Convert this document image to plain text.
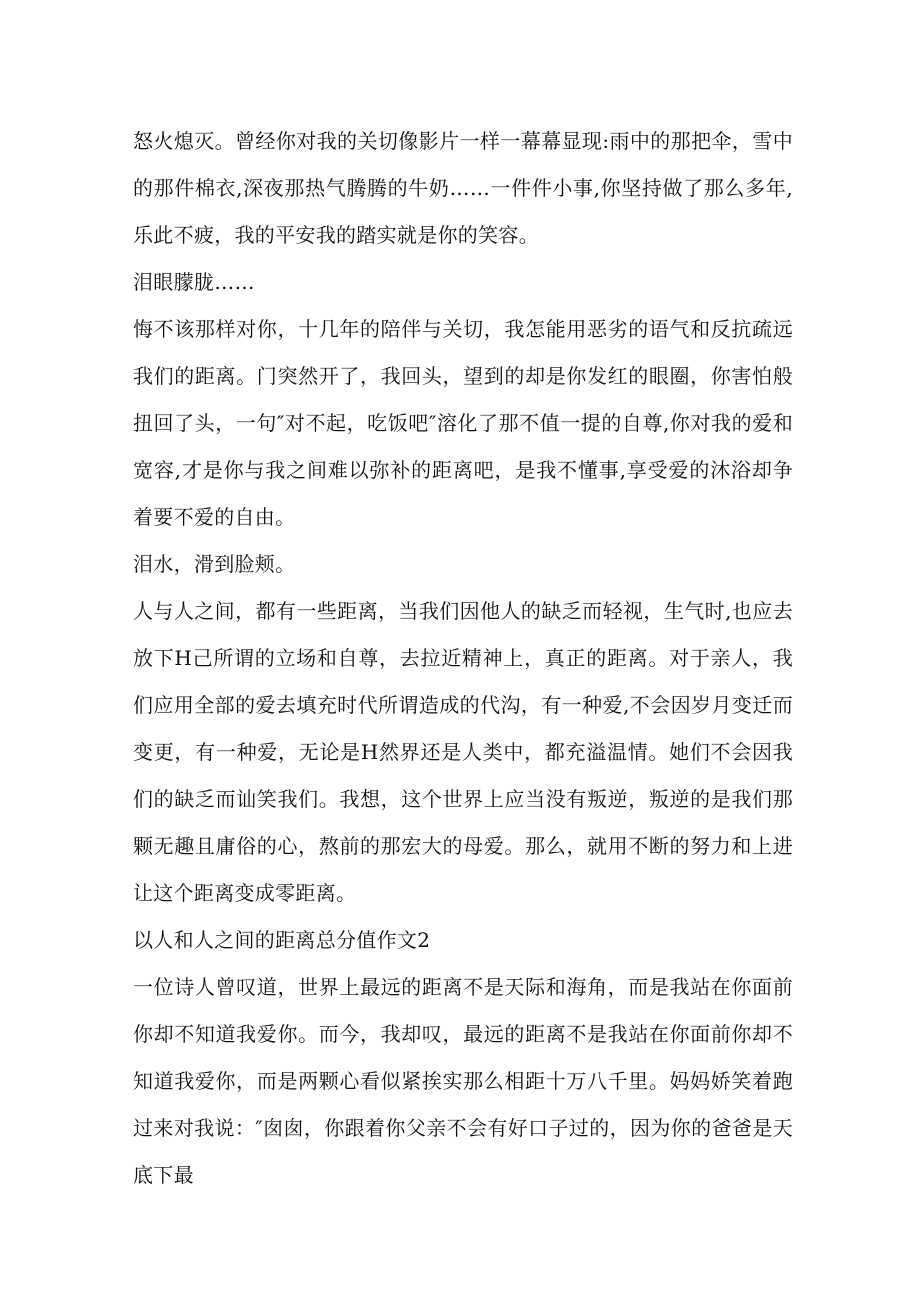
怒火熄灭。曾经你对我的关切像影片一样一幕幕显现:雨中的那把伞，雪中的那件棉衣,深夜那热气腾腾的牛奶……一件件小事,你坚持做了那么多年,乐此不疲，我的平安我的踏实就是你的笑容。

泪眼朦胧……

悔不该那样对你，十几年的陪伴与关切，我怎能用恶劣的语气和反抗疏远我们的距离。门突然开了，我回头，望到的却是你发红的眼圈，你害怕般扭回了头，一句″对不起，吃饭吧″溶化了那不值一提的自尊,你对我的爱和宽容,才是你与我之间难以弥补的距离吧，是我不懂事,享受爱的沐浴却争着要不爱的自由。

泪水，滑到脸颊。

人与人之间，都有一些距离，当我们因他人的缺乏而轻视，生气时,也应去放下H己所谓的立场和自尊，去拉近精神上，真正的距离。对于亲人，我们应用全部的爱去填充时代所谓造成的代沟，有一种爱,不会因岁月变迁而变更，有一种爱，无论是H然界还是人类中，都充溢温情。她们不会因我们的缺乏而讪笑我们。我想，这个世界上应当没有叛逆，叛逆的是我们那颗无趣且庸俗的心，熬前的那宏大的母爱。那么，就用不断的努力和上进让这个距离变成零距离。

以人和人之间的距离总分值作文2

一位诗人曾叹道，世界上最远的距离不是天际和海角，而是我站在你面前你却不知道我爱你。而今，我却叹，最远的距离不是我站在你面前你却不知道我爱你，而是两颗心看似紧挨实那么相距十万八千里。妈妈娇笑着跑过来对我说：″囱囱，你跟着你父亲不会有好口子过的，因为你的爸爸是天底下最
